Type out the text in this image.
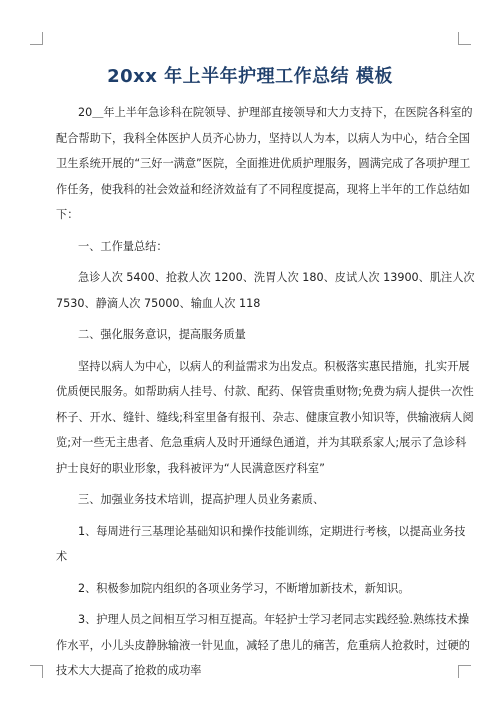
20xx 年上半年护理工作总结 模板
20＿年上半年急诊科在院领导、护理部直接领导和大力支持下，在医院各科室的
配合帮助下，我科全体医护人员齐心协力，坚持以人为本，以病人为中心，结合全国
卫生系统开展的“三好一满意”医院，全面推进优质护理服务，圆满完成了各项护理工
作任务，使我科的社会效益和经济效益有了不同程度提高，现将上半年的工作总结如
下：
一、工作量总结：
急诊人次 5400、抢救人次 1200、洗胃人次 180、皮试人次 13900、肌注人次
7530、静滴人次 75000、输血人次 118
二、强化服务意识，提高服务质量
坚持以病人为中心，以病人的利益需求为出发点。积极落实惠民措施，扎实开展
优质便民服务。如帮助病人挂号、付款、配药、保管贵重财物;免费为病人提供一次性
杯子、开水、缝针、缝线;科室里备有报刊、杂志、健康宣教小知识等，供输液病人阅
览;对一些无主患者、危急重病人及时开通绿色通道，并为其联系家人;展示了急诊科
护士良好的职业形象，我科被评为“人民满意医疗科室”
三、加强业务技术培训，提高护理人员业务素质、
1、每周进行三基理论基础知识和操作技能训练，定期进行考核，以提高业务技
术
2、积极参加院内组织的各项业务学习，不断增加新技术，新知识。
3、护理人员之间相互学习相互提高。年轻护士学习老同志实践经验.熟练技术操
作水平，小儿头皮静脉输液一针见血，减轻了患儿的痛苦，危重病人抢救时，过硬的
技术大大提高了抢救的成功率
